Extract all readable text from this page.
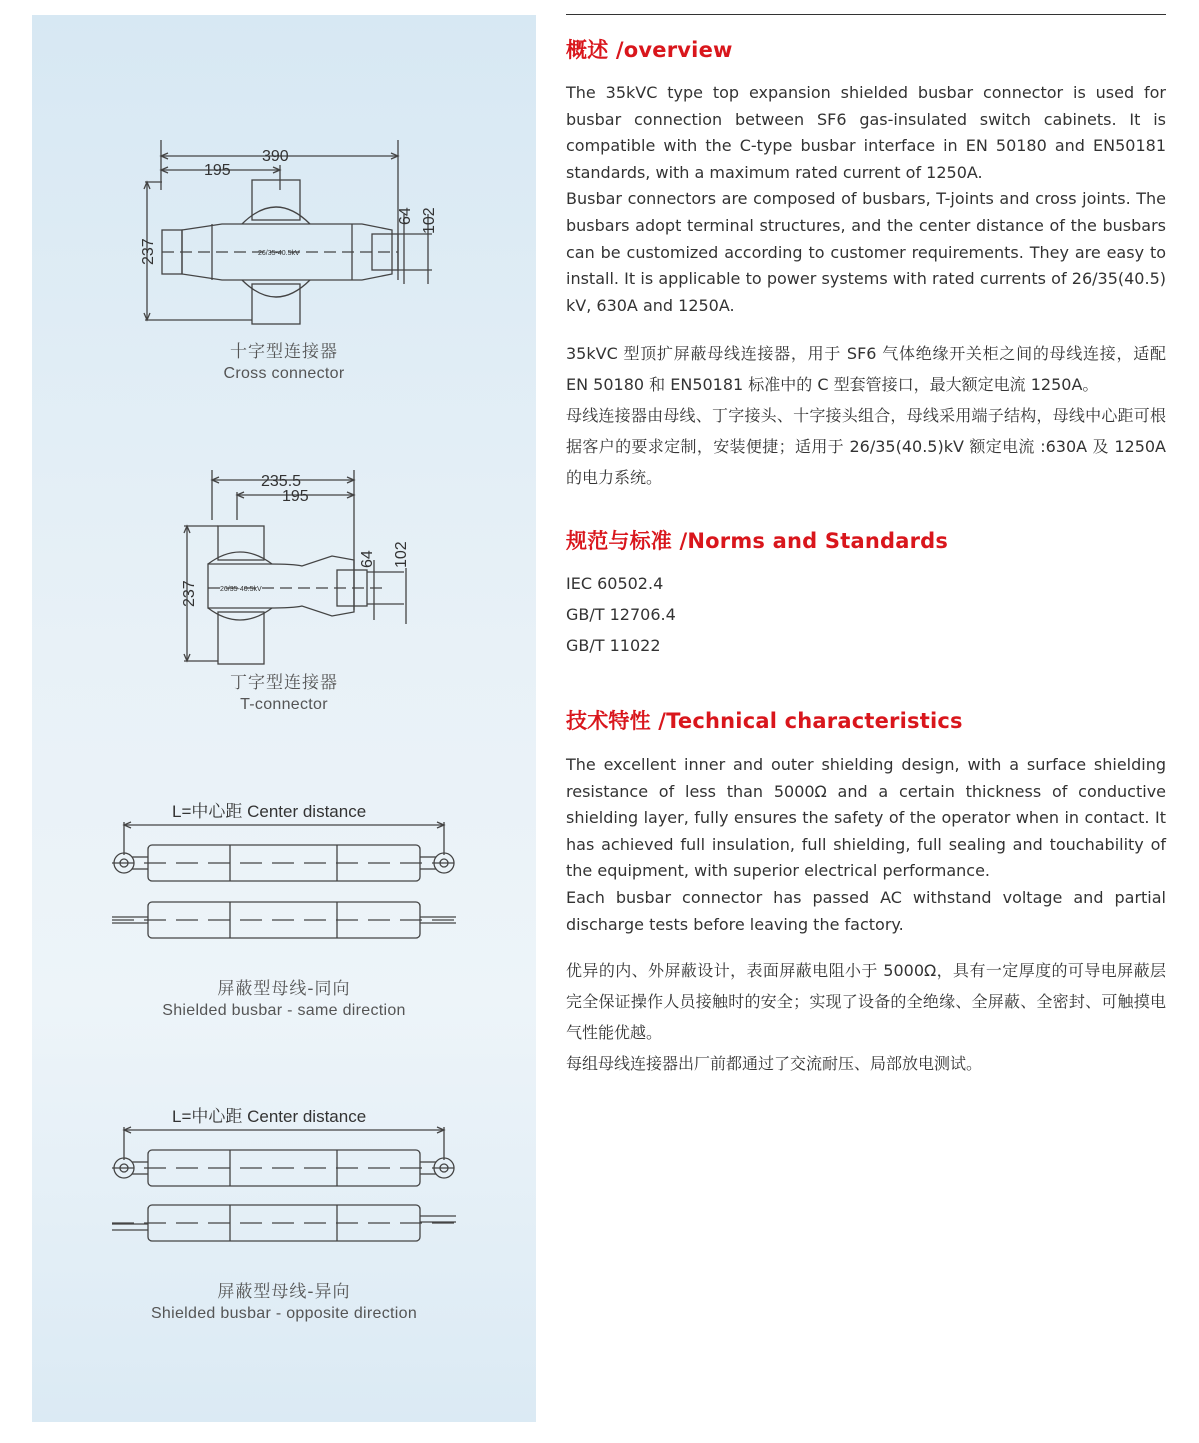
390
195
237	26/35-40.5kV
64 102
十字型连接器
Cross connector
235.5
195
237	26/35-40.5kV
64 102
丁字型连接器
T-connector
L=中心距 Center distance
屏蔽型母线-同向
Shielded busbar - same direction
L=中心距 Center distance
屏蔽型母线-异向
Shielded busbar - opposite direction
概述 /overview

The 35kVC type top expansion shielded busbar connector is used for busbar connection between SF6 gas-insulated switch cabinets. It is compatible with the C-type busbar interface in EN 50180 and EN50181 standards, with a maximum rated current of 1250A.

Busbar connectors are composed of busbars, T-joints and cross joints. The busbars adopt terminal structures, and the center distance of the busbars can be customized according to customer requirements. They are easy to install. It is applicable to power systems with rated currents of 26/35(40.5) kV, 630A and 1250A.

35kVC 型顶扩屏蔽母线连接器，用于 SF6 气体绝缘开关柜之间的母线连接，适配 EN 50180 和 EN50181 标准中的 C 型套管接口，最大额定电流 1250A。

母线连接器由母线、丁字接头、十字接头组合，母线采用端子结构，母线中心距可根据客户的要求定制，安装便捷；适用于 26/35(40.5)kV 额定电流 :630A 及 1250A 的电力系统。

规范与标准 /Norms and Standards
IEC 60502.4
GB/T 12706.4
GB/T 11022
技术特性 /Technical characteristics

The excellent inner and outer shielding design, with a surface shielding resistance of less than 5000Ω and a certain thickness of conductive shielding layer, fully ensures the safety of the operator when in contact. It has achieved full insulation, full shielding, full sealing and touchability of the equipment, with superior electrical performance.

Each busbar connector has passed AC withstand voltage and partial discharge tests before leaving the factory.

优异的内、外屏蔽设计，表面屏蔽电阻小于 5000Ω，具有一定厚度的可导电屏蔽层完全保证操作人员接触时的安全；实现了设备的全绝缘、全屏蔽、全密封、可触摸电气性能优越。

每组母线连接器出厂前都通过了交流耐压、局部放电测试。
